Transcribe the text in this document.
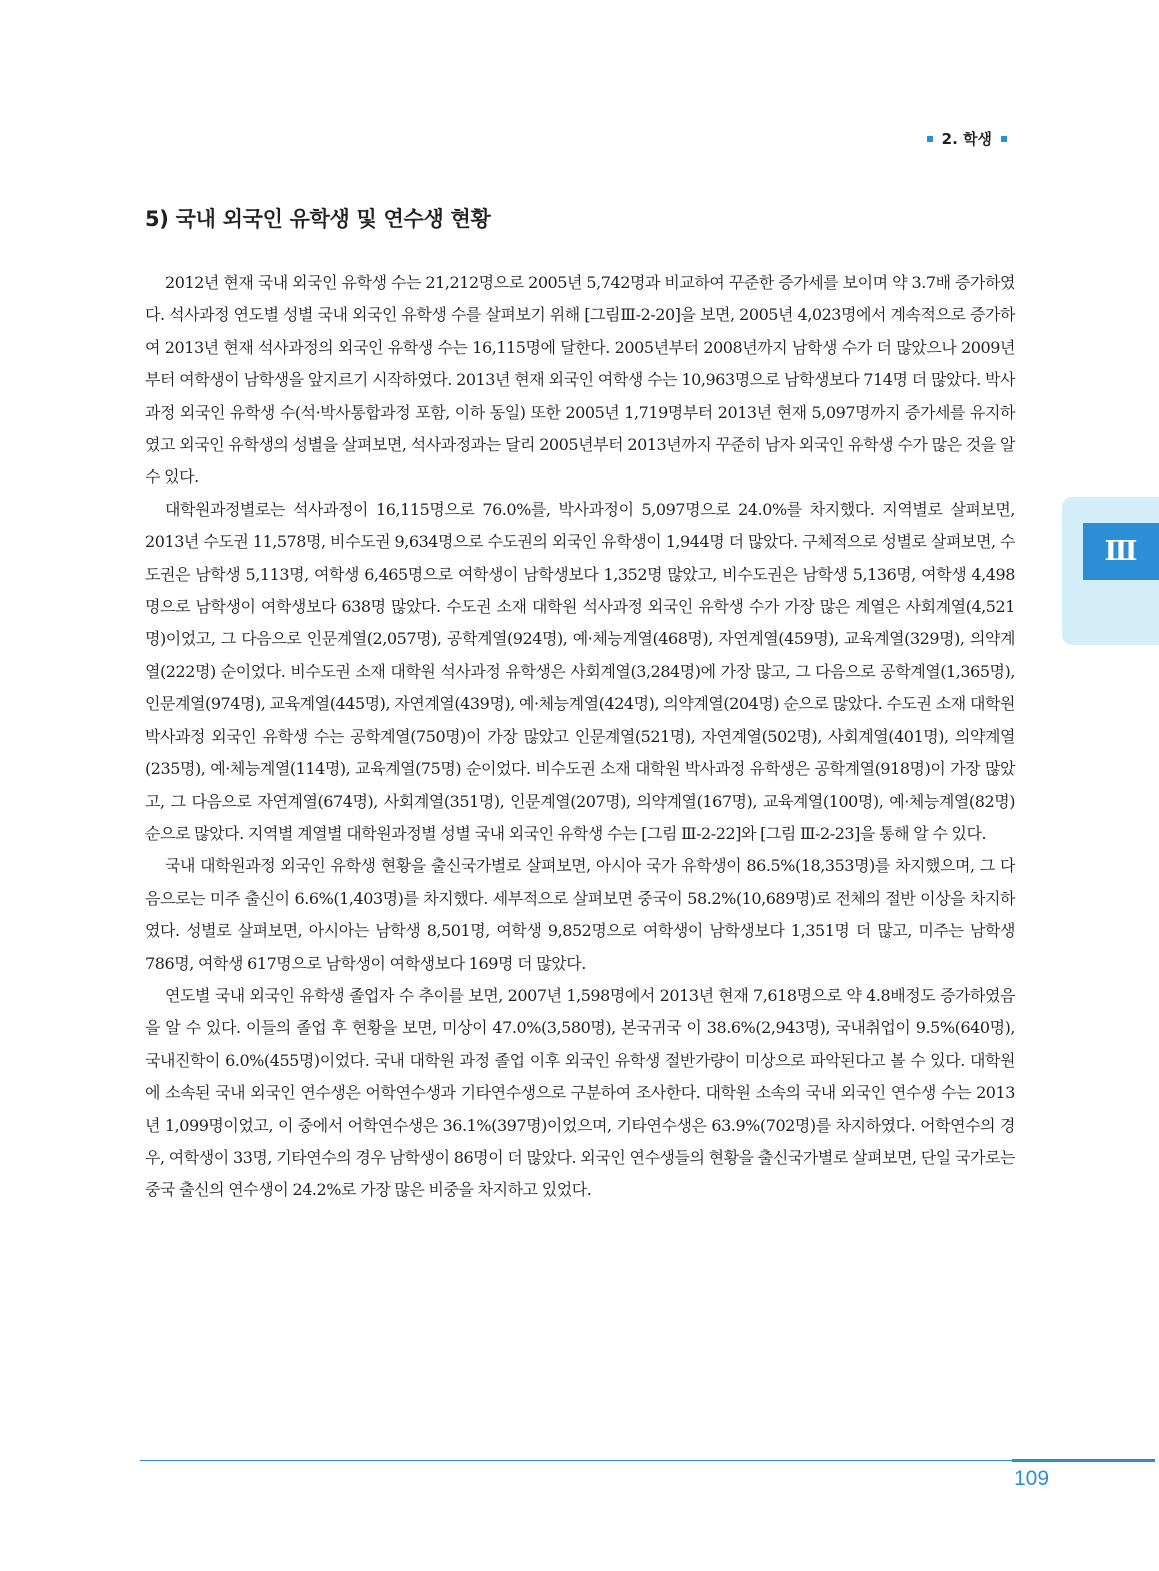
2. 학생
5) 국내 외국인 유학생 및 연수생 현황

2012년 현재 국내 외국인 유학생 수는 21,212명으로 2005년 5,742명과 비교하여 꾸준한 증가세를 보이며 약 3.7배 증가하였다. 석사과정 연도별 성별 국내 외국인 유학생 수를 살펴보기 위해 [그림Ⅲ-2-20]을 보면, 2005년 4,023명에서 계속적으로 증가하여 2013년 현재 석사과정의 외국인 유학생 수는 16,115명에 달한다. 2005년부터 2008년까지 남학생 수가 더 많았으나 2009년부터 여학생이 남학생을 앞지르기 시작하였다. 2013년 현재 외국인 여학생 수는 10,963명으로 남학생보다 714명 더 많았다. 박사과정 외국인 유학생 수(석·박사통합과정 포함, 이하 동일) 또한 2005년 1,719명부터 2013년 현재 5,097명까지 증가세를 유지하였고 외국인 유학생의 성별을 살펴보면, 석사과정과는 달리 2005년부터 2013년까지 꾸준히 남자 외국인 유학생 수가 많은 것을 알 수 있다.

대학원과정별로는 석사과정이 16,115명으로 76.0%를, 박사과정이 5,097명으로 24.0%를 차지했다. 지역별로 살펴보면, 2013년 수도권 11,578명, 비수도권 9,634명으로 수도권의 외국인 유학생이 1,944명 더 많았다. 구체적으로 성별로 살펴보면, 수도권은 남학생 5,113명, 여학생 6,465명으로 여학생이 남학생보다 1,352명 많았고, 비수도권은 남학생 5,136명, 여학생 4,498명으로 남학생이 여학생보다 638명 많았다. 수도권 소재 대학원 석사과정 외국인 유학생 수가 가장 많은 계열은 사회계열(4,521명)이었고, 그 다음으로 인문계열(2,057명), 공학계열(924명), 예·체능계열(468명), 자연계열(459명), 교육계열(329명), 의약계열(222명) 순이었다. 비수도권 소재 대학원 석사과정 유학생은 사회계열(3,284명)에 가장 많고, 그 다음으로 공학계열(1,365명), 인문계열(974명), 교육계열(445명), 자연계열(439명), 예·체능계열(424명), 의약계열(204명) 순으로 많았다. 수도권 소재 대학원 박사과정 외국인 유학생 수는 공학계열(750명)이 가장 많았고 인문계열(521명), 자연계열(502명), 사회계열(401명), 의약계열(235명), 예·체능계열(114명), 교육계열(75명) 순이었다. 비수도권 소재 대학원 박사과정 유학생은 공학계열(918명)이 가장 많았고, 그 다음으로 자연계열(674명), 사회계열(351명), 인문계열(207명), 의약계열(167명), 교육계열(100명), 예·체능계열(82명) 순으로 많았다. 지역별 계열별 대학원과정별 성별 국내 외국인 유학생 수는 [그림 Ⅲ-2-22]와 [그림 Ⅲ-2-23]을 통해 알 수 있다.

국내 대학원과정 외국인 유학생 현황을 출신국가별로 살펴보면, 아시아 국가 유학생이 86.5%(18,353명)를 차지했으며, 그 다음으로는 미주 출신이 6.6%(1,403명)를 차지했다. 세부적으로 살펴보면 중국이 58.2%(10,689명)로 전체의 절반 이상을 차지하였다. 성별로 살펴보면, 아시아는 남학생 8,501명, 여학생 9,852명으로 여학생이 남학생보다 1,351명 더 많고, 미주는 남학생 786명, 여학생 617명으로 남학생이 여학생보다 169명 더 많았다.

연도별 국내 외국인 유학생 졸업자 수 추이를 보면, 2007년 1,598명에서 2013년 현재 7,618명으로 약 4.8배정도 증가하였음을 알 수 있다. 이들의 졸업 후 현황을 보면, 미상이 47.0%(3,580명), 본국귀국 이 38.6%(2,943명), 국내취업이 9.5%(640명), 국내진학이 6.0%(455명)이었다. 국내 대학원 과정 졸업 이후 외국인 유학생 절반가량이 미상으로 파악된다고 볼 수 있다. 대학원에 소속된 국내 외국인 연수생은 어학연수생과 기타연수생으로 구분하여 조사한다. 대학원 소속의 국내 외국인 연수생 수는 2013년 1,099명이었고, 이 중에서 어학연수생은 36.1%(397명)이었으며, 기타연수생은 63.9%(702명)를 차지하였다. 어학연수의 경우, 여학생이 33명, 기타연수의 경우 남학생이 86명이 더 많았다. 외국인 연수생들의 현황을 출신국가별로 살펴보면, 단일 국가로는 중국 출신의 연수생이 24.2%로 가장 많은 비중을 차지하고 있었다.

Ⅲ
109
